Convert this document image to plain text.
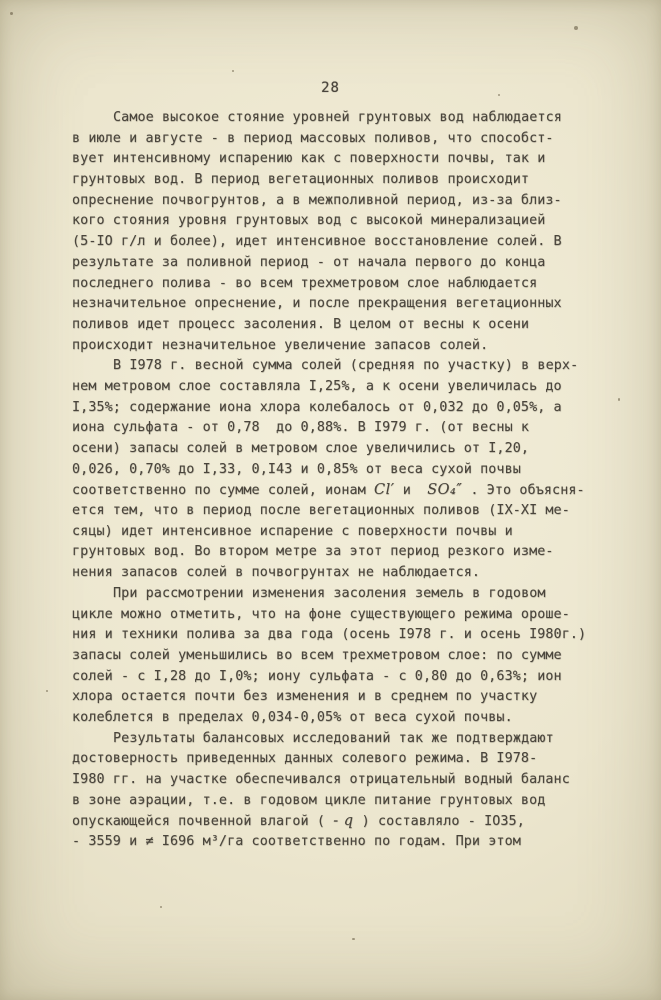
28
Самое высокое стояние уровней грунтовых вод наблюдается
в июле и августе - в период массовых поливов, что способст-
вует интенсивному испарению как с поверхности почвы, так и
грунтовых вод. В период вегетационных поливов происходит
опреснение почвогрунтов, а в межполивной период, из-за близ-
кого стояния уровня грунтовых вод с высокой минерализацией
(5-IO г/л и более), идет интенсивное восстановление солей. В
результате за поливной период - от начала первого до конца
последнего полива - во всем трехметровом слое наблюдается
незначительное опреснение, и после прекращения вегетационных
поливов идет процесс засоления. В целом от весны к осени
происходит незначительное увеличение запасов солей.
В I978 г. весной сумма солей (средняя по участку) в верх-
нем метровом слое составляла I,25%, а к осени увеличилась до
I,35%; содержание иона хлора колебалось от 0,032 до 0,05%, а
иона сульфата - от 0,78  до 0,88%. В I979 г. (от весны к
осени) запасы солей в метровом слое увеличились от I,20,
0,026, 0,70% до I,33, 0,I43 и 0,85% от веса сухой почвы
соответственно по сумме солей, ионам Cl′ и  SO₄″ . Это объясня-
ется тем, что в период после вегетационных поливов (IX-XI ме-
сяцы) идет интенсивное испарение с поверхности почвы и
грунтовых вод. Во втором метре за этот период резкого изме-
нения запасов солей в почвогрунтах не наблюдается.
При рассмотрении изменения засоления земель в годовом
цикле можно отметить, что на фоне существующего режима ороше-
ния и техники полива за два года (осень I978 г. и осень I980г.)
запасы солей уменьшились во всем трехметровом слое: по сумме
солей - с I,28 до I,0%; иону сульфата - с 0,80 до 0,63%; ион
хлора остается почти без изменения и в среднем по участку
колеблется в пределах 0,034-0,05% от веса сухой почвы.
Результаты балансовых исследований так же подтверждают
достоверность приведенных данных солевого режима. В I978-
I980 гг. на участке обеспечивался отрицательный водный баланс
в зоне аэрации, т.е. в годовом цикле питание грунтовых вод
опускающейся почвенной влагой ( - q ) составляло - IO35,
- 3559 и ≠ I696 м³/га соответственно по годам. При этом
